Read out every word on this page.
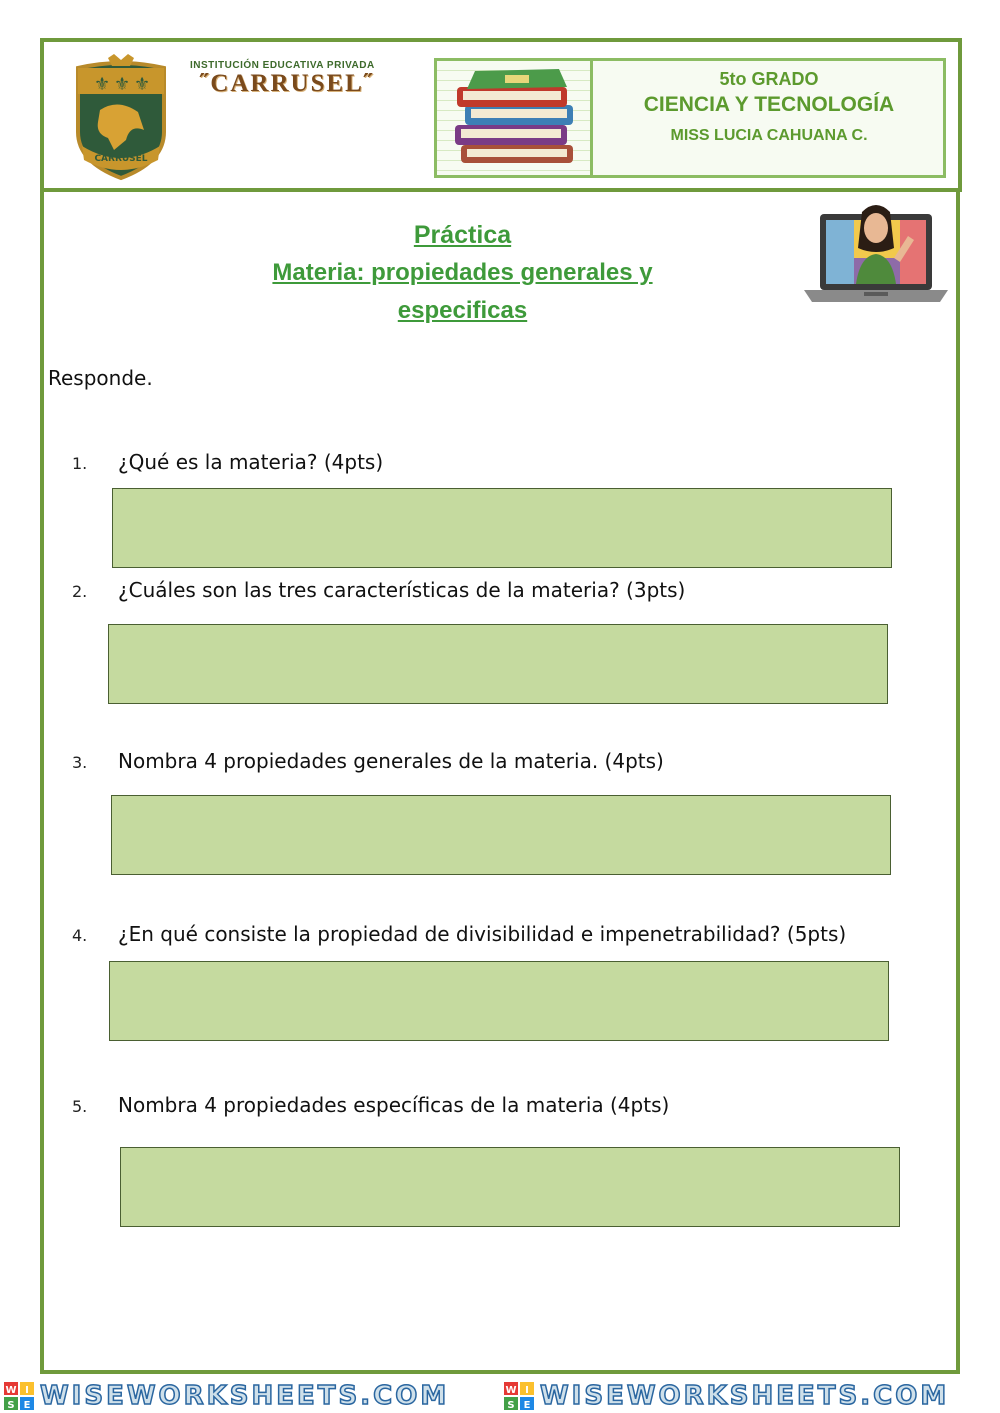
⚜ ⚜ ⚜
CARRUSEL
INSTITUCIÓN EDUCATIVA PRIVADA
˝CARRUSEL˝	5to GRADO
CIENCIA Y TECNOLOGÍA
MISS LUCIA CAHUANA C.
Práctica
Materia: propiedades generales y
especificas
Responde.
1. ¿Qué es la materia? (4pts)
2. ¿Cuáles son las tres características de la materia? (3pts)
3. Nombra 4 propiedades generales de la materia. (4pts)
4. ¿En qué consiste la propiedad de divisibilidad e impenetrabilidad? (5pts)
5. Nombra 4 propiedades específicas de la materia (4pts)
W I
S E WISEWORKSHEETS.COM	W I
S E WISEWORKSHEETS.COM
